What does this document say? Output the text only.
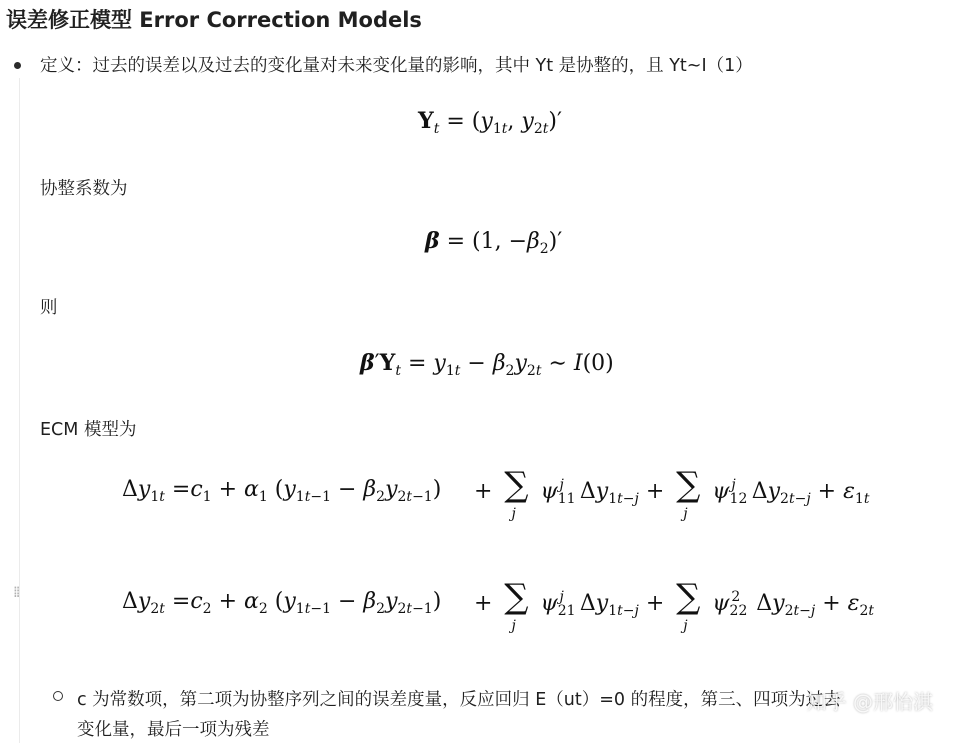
误差修正模型 Error Correction Models
定义：过去的误差以及过去的变化量对未来变化量的影响，其中 Yt 是协整的，且 Yt~I（1）
$Y_t = (y_{1t}$, $y_{2t})'$
协整系数为
β = (1, $-\beta_2)'$
则
$\beta'Y_t = y_{1t} - \beta_2y_{2t}$ ∼ I(0)
ECM 模型为
$\Delta y_{1t} =c_1 + \alpha_1$ $(y_{1t-1} - \beta_2y_{2t-1})$ + ∑
j
$\psi_{11}^j$ $\Delta y_{1t-j}$ + ∑
j
$\psi_{12}^j$ $\Delta y_{2t-j} + \varepsilon_{1t}$
⁞⁞	$\Delta y_{2t} =c_2 + \alpha_2$ $(y_{1t-1} - \beta_2y_{2t-1})$ + ∑
j
$\psi_{21}^j$ $\Delta y_{1t-j}$ + ∑
j
$\psi_{22}^2$ $\Delta y_{2t-j} + \varepsilon_{2t}$
c 为常数项，第二项为协整序列之间的误差度量，反应回归 E（ut）=0 的程度，第三、四项为过去
变化量，最后一项为残差
知乎 @邢怡淇
